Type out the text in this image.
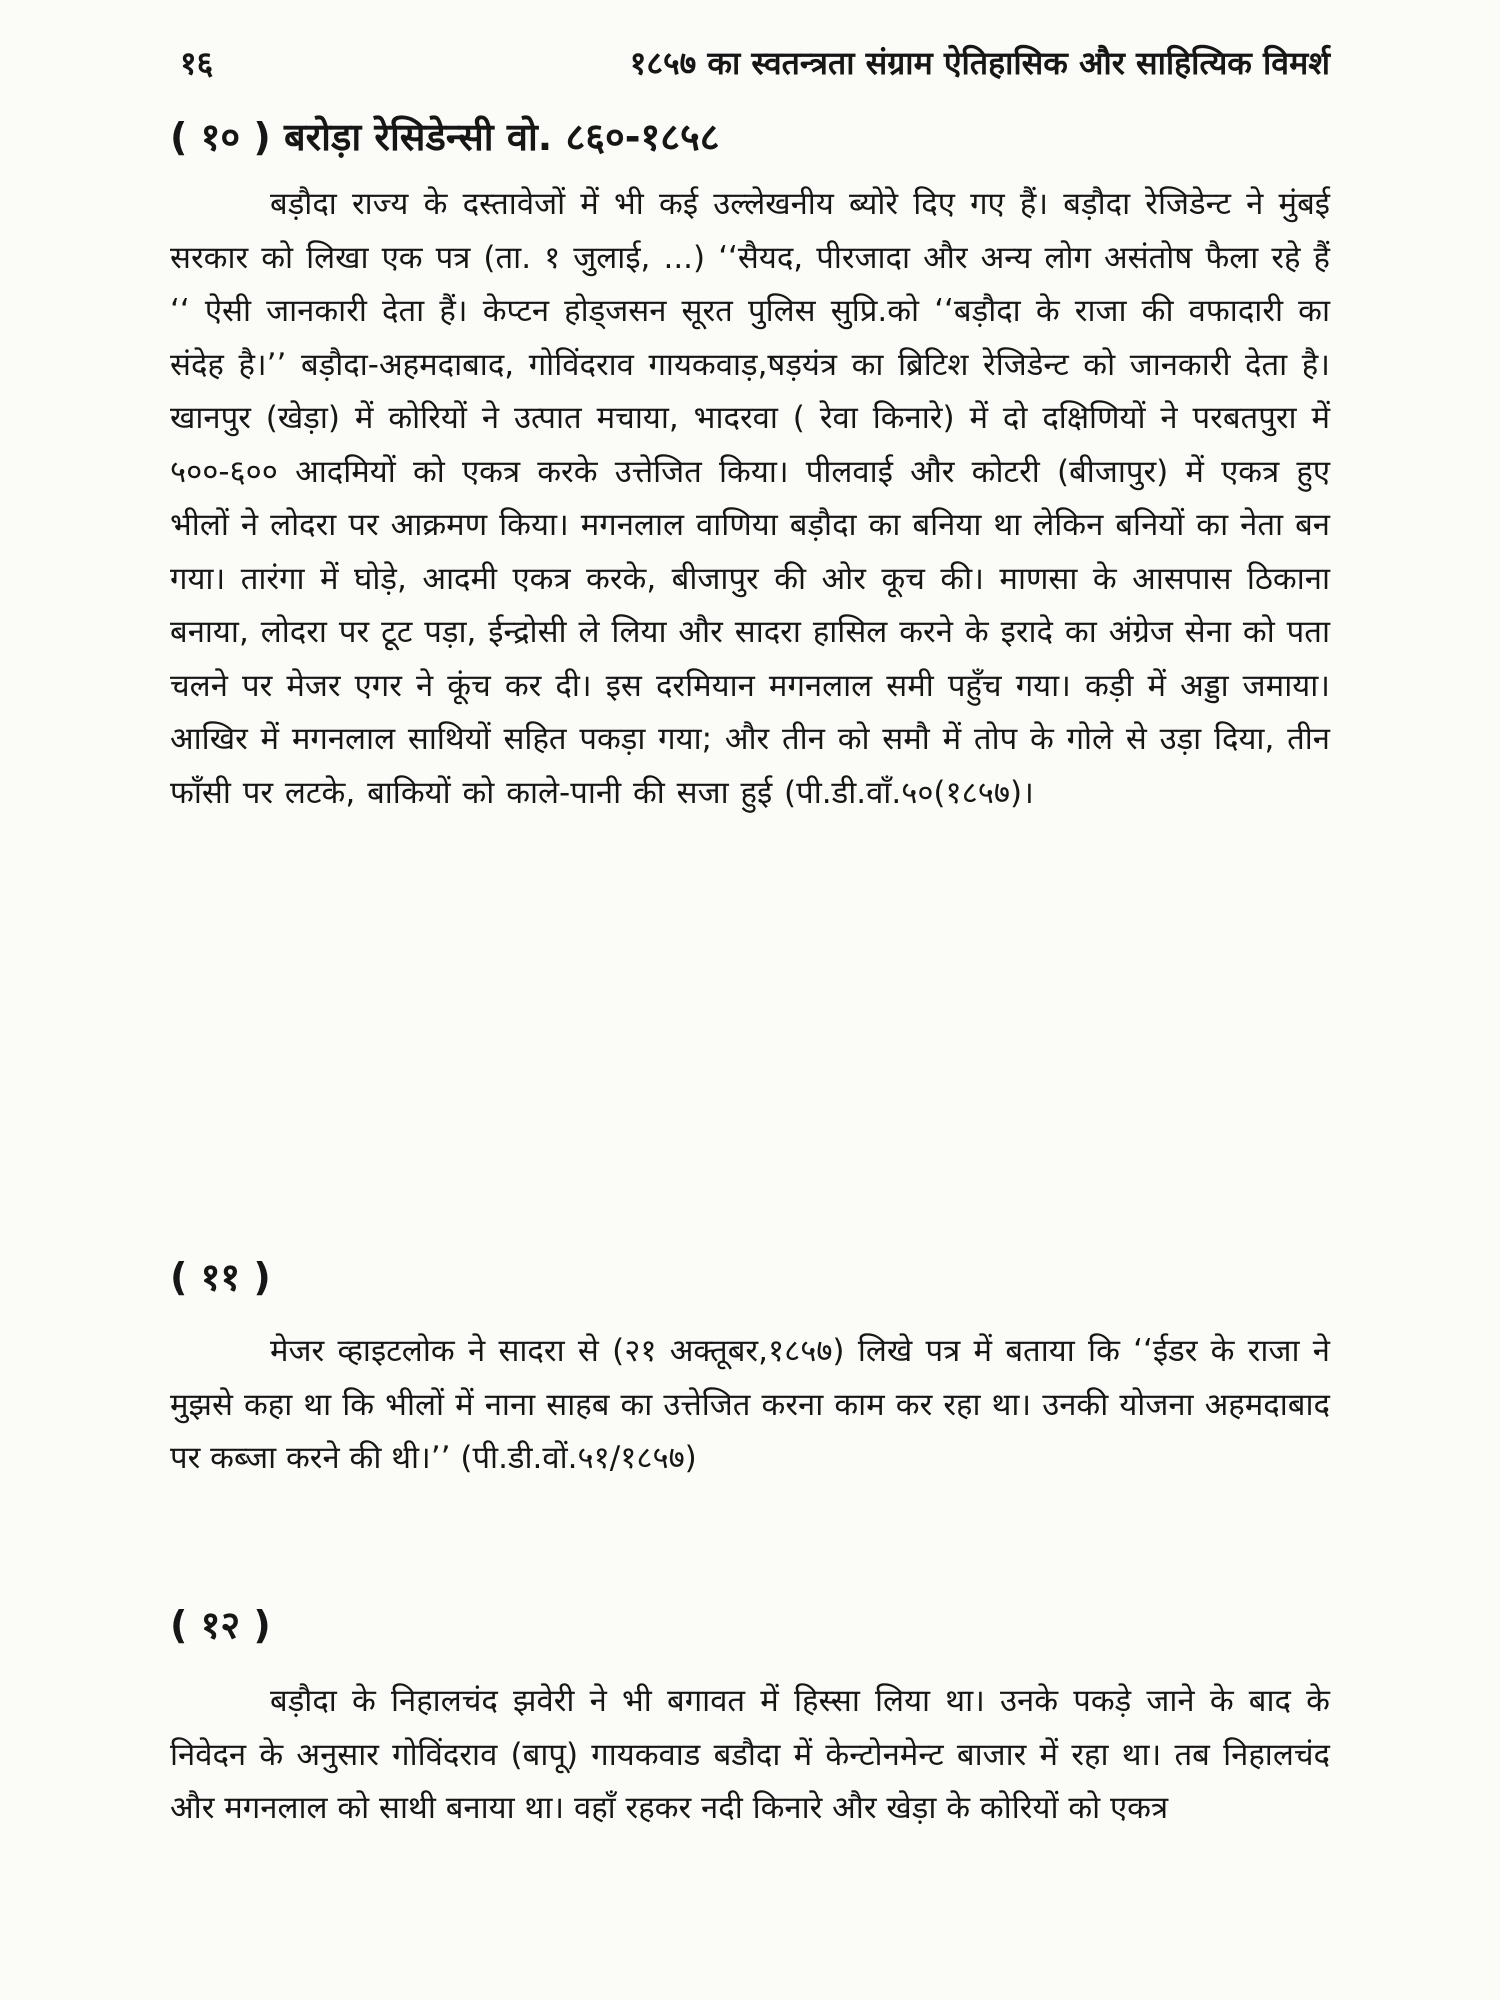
१६	१८५७ का स्वतन्त्रता संग्राम ऐतिहासिक और साहित्यिक विमर्श
( १० ) बरोड़ा रेसिडेन्सी वो. ८६०-१८५८

बड़ौदा राज्य के दस्तावेजों में भी कई उल्लेखनीय ब्योरे दिए गए हैं। बड़ौदा रेजिडेन्ट ने मुंबई सरकार को लिखा एक पत्र (ता. १ जुलाई, ...) ‘‘सैयद, पीरजादा और अन्य लोग असंतोष फैला रहे हैं ‘‘ ऐसी जानकारी देता हैं। केप्टन होड्जसन सूरत पुलिस सुप्रि.को ‘‘बड़ौदा के राजा की वफादारी का संदेह है।’’ बड़ौदा-अहमदाबाद, गोविंदराव गायकवाड़,षड़यंत्र का ब्रिटिश रेजिडेन्ट को जानकारी देता है। खानपुर (खेड़ा) में कोरियों ने उत्पात मचाया, भादरवा ( रेवा किनारे) में दो दक्षिणियों ने परबतपुरा में ५००-६०० आदमियों को एकत्र करके उत्तेजित किया। पीलवाई और कोटरी (बीजापुर) में एकत्र हुए भीलों ने लोदरा पर आक्रमण किया। मगनलाल वाणिया बड़ौदा का बनिया था लेकिन बनियों का नेता बन गया। तारंगा में घोड़े, आदमी एकत्र करके, बीजापुर की ओर कूच की। माणसा के आसपास ठिकाना बनाया, लोदरा पर टूट पड़ा, ईन्द्रोसी ले लिया और सादरा हासिल करने के इरादे का अंग्रेज सेना को पता चलने पर मेजर एगर ने कूंच कर दी। इस दरमियान मगनलाल समी पहुँच गया। कड़ी में अड्डा जमाया। आखिर में मगनलाल साथियों सहित पकड़ा गया; और तीन को समौ में तोप के गोले से उड़ा दिया, तीन फाँसी पर लटके, बाकियों को काले-पानी की सजा हुई (पी.डी.वाँ.५०(१८५७)।

( ११ )

मेजर व्हाइटलोक ने सादरा से (२१ अक्तूबर,१८५७) लिखे पत्र में बताया कि ‘‘ईडर के राजा ने मुझसे कहा था कि भीलों में नाना साहब का उत्तेजित करना काम कर रहा था। उनकी योजना अहमदाबाद पर कब्जा करने की थी।’’ (पी.डी.वों.५१/१८५७)

( १२ )

बड़ौदा के निहालचंद झवेरी ने भी बगावत में हिस्सा लिया था। उनके पकड़े जाने के बाद के निवेदन के अनुसार गोविंदराव (बापू) गायकवाड बडौदा में केन्टोनमेन्ट बाजार में रहा था। तब निहालचंद और मगनलाल को साथी बनाया था। वहाँ रहकर नदी किनारे और खेड़ा के कोरियों को एकत्र
